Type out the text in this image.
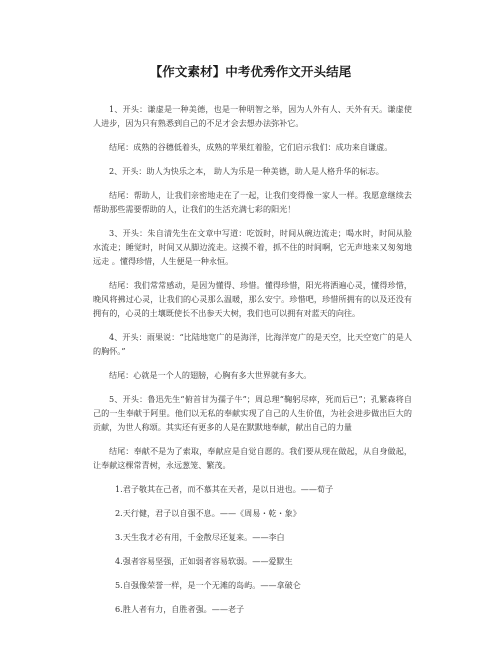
【作文素材】中考优秀作文开头结尾
1、开头：谦虚是一种美德，也是一种明智之举，因为人外有人、天外有天。谦虚使人进步，因为只有熟悉到自己的不足才会去想办法弥补它。
结尾：成熟的谷穗低着头，成熟的苹果红着脸，它们启示我们：成功来自谦虚。
2、开头：助人为快乐之本， 助人为乐是一种美德，助人是人格升华的标志。
结尾：帮助人，让我们亲密地走在了一起，让我们变得像一家人一样。我愿意继续去帮助那些需要帮助的人，让我们的生活充满七彩的阳光！
3、开头：朱自清先生在文章中写道：吃饭时，时间从碗边流走；喝水时，时间从脸水流走；睡觉时，时间又从脚边流走。这摸不着，抓不住的时间啊，它无声地来又匆匆地远走 。懂得珍惜，人生便是一种永恒。
结尾：我们常常感动，是因为懂得、珍惜。懂得珍惜，阳光将洒遍心灵，懂得珍惜，晚风将拂过心灵，让我们的心灵那么温暖，那么安宁。珍惜吧，珍惜所拥有的以及还没有拥有的，心灵的土壤既使长不出参天大树，我们也可以拥有对蓝天的向往。
4、开头：雨果说：“比陆地宽广的是海洋，比海洋宽广的是天空，比天空宽广的是人的胸怀。”
结尾：心就是一个人的翅膀，心胸有多大世界就有多大。
5、开头：鲁迅先生“俯首甘为孺子牛”；周总理“鞠躬尽瘁，死而后已”；孔繁森将自己的一生奉献于阿里。他们以无私的奉献实现了自己的人生价值，为社会进步做出巨大的贡献，为世人称颂。其实还有更多的人是在默默地奉献，献出自己的力量
结尾：奉献不是为了索取，奉献应是自觉自愿的。我们要从现在做起，从自身做起，让奉献这棵常青树，永远葱笼、繁茂。
1.君子敬其在己者，而不慕其在天者，是以日进也。——荀子
2.天行健，君子以自强不息。——《周易・乾・象》
3.天生我才必有用，千金散尽还复来。——李白
4.强者容易坚强，正如弱者容易软弱。——爱默生
5.自强像荣誉一样，是一个无滩的岛屿。——拿破仑
6.胜人者有力，自胜者强。——老子
